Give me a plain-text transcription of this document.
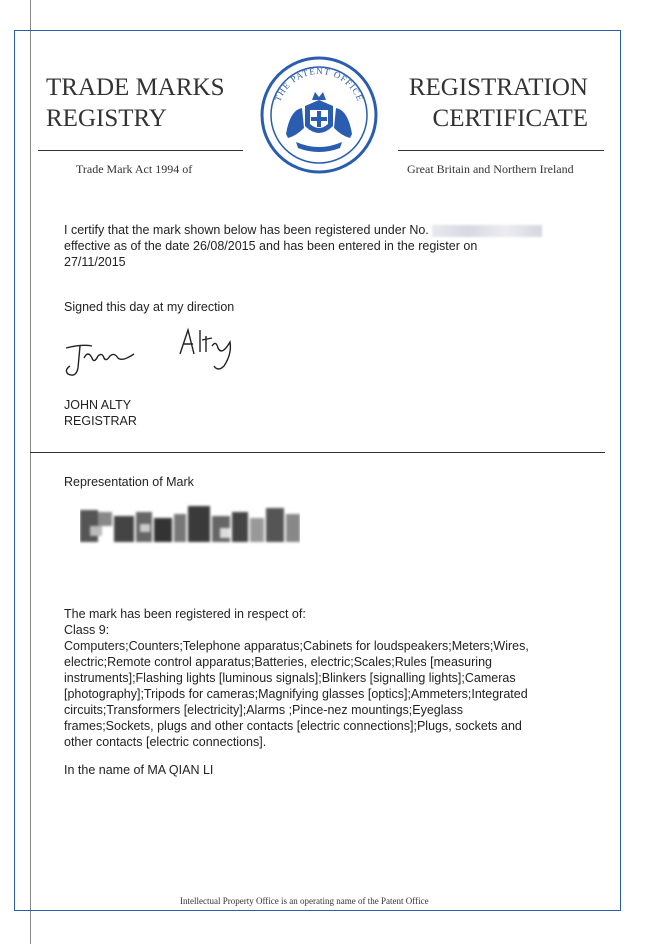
TRADE MARKS
REGISTRY
THE PATENT OFFICE	REGISTRATION
CERTIFICATE
Trade Mark Act 1994 of	Great Britain and Northern Ireland
I certify that the mark shown below has been registered under No.
effective as of the date 26/08/2015 and has been entered in the register on
27/11/2015
Signed this day at my direction
JOHN ALTY
REGISTRAR
Representation of Mark
The mark has been registered in respect of:
Class 9:
Computers;Counters;Telephone apparatus;Cabinets for loudspeakers;Meters;Wires,
electric;Remote control apparatus;Batteries, electric;Scales;Rules [measuring
instruments];Flashing lights [luminous signals];Blinkers [signalling lights];Cameras
[photography];Tripods for cameras;Magnifying glasses [optics];Ammeters;Integrated
circuits;Transformers [electricity];Alarms ;Pince-nez mountings;Eyeglass
frames;Sockets, plugs and other contacts [electric connections];Plugs, sockets and
other contacts [electric connections].
In the name of MA QIAN LI
Intellectual Property Office is an operating name of the Patent Office
